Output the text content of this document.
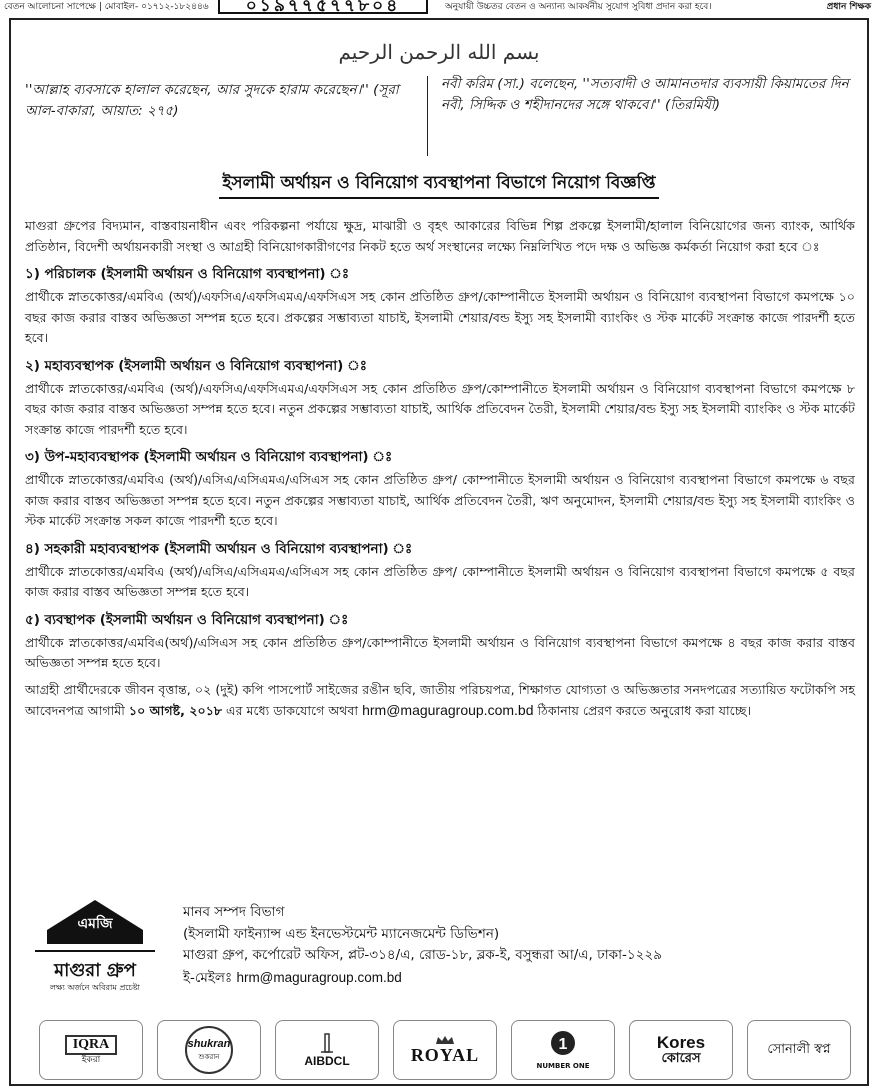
বেতন আলোচনা সাপেক্ষে | মোবাইল- ০১৭১২-১৮২৪৪৬	০১৯৭৭৫৭৭৮০৪	অনুযায়ী উচ্চতর বেতন ও অন্যান্য আকর্ষনীয় সুযোগ সুবিধা প্রদান করা হবে।	প্রধান শিক্ষক
بسم الله الرحمن الرحيم
''আল্লাহ ব্যবসাকে হালাল করেছেন, আর সুদকে হারাম করেছেন।'' (সূরা আল-বাকারা, আয়াত: ২৭৫)
নবী করিম (সা.) বলেছেন, ''সত্যবাদী ও আমানতদার ব্যবসায়ী কিয়ামতের দিন নবী, সিদ্দিক ও শহীদানদের সঙ্গে থাকবে।'' (তিরমিযী)
ইসলামী অর্থায়ন ও বিনিয়োগ ব্যবস্থাপনা বিভাগে নিয়োগ বিজ্ঞপ্তি

মাগুরা গ্রুপের বিদ্যমান, বাস্তবায়নাধীন এবং পরিকল্পনা পর্যায়ে ক্ষুদ্র, মাঝারী ও বৃহৎ আকারের বিভিন্ন শিল্প প্রকল্পে ইসলামী/হালাল বিনিয়োগের জন্য ব্যাংক, আর্থিক প্রতিষ্ঠান, বিদেশী অর্থায়নকারী সংস্থা ও আগ্রহী বিনিয়োগকারীগণের নিকট হতে অর্থ সংস্থানের লক্ষ্যে নিম্নলিখিত পদে দক্ষ ও অভিজ্ঞ কর্মকর্তা নিয়োগ করা হবে ঃ

১) পরিচালক (ইসলামী অর্থায়ন ও বিনিয়োগ ব্যবস্থাপনা) ঃ

প্রার্থীকে স্নাতকোত্তর/এমবিএ (অর্থ)/এফসিএ/এফসিএমএ/এফসিএস সহ কোন প্রতিষ্ঠিত গ্রুপ/কোম্পানীতে ইসলামী অর্থায়ন ও বিনিয়োগ ব্যবস্থাপনা বিভাগে কমপক্ষে ১০ বছর কাজ করার বাস্তব অভিজ্ঞতা সম্পন্ন হতে হবে। প্রকল্পের সম্ভাব্যতা যাচাই, ইসলামী শেয়ার/বন্ড ইস্যু সহ ইসলামী ব্যাংকিং ও স্টক মার্কেট সংক্রান্ত কাজে পারদর্শী হতে হবে।

২) মহাব্যবস্থাপক (ইসলামী অর্থায়ন ও বিনিয়োগ ব্যবস্থাপনা) ঃ

প্রার্থীকে স্নাতকোত্তর/এমবিএ (অর্থ)/এফসিএ/এফসিএমএ/এফসিএস সহ কোন প্রতিষ্ঠিত গ্রুপ/কোম্পানীতে ইসলামী অর্থায়ন ও বিনিয়োগ ব্যবস্থাপনা বিভাগে কমপক্ষে ৮ বছর কাজ করার বাস্তব অভিজ্ঞতা সম্পন্ন হতে হবে। নতুন প্রকল্পের সম্ভাব্যতা যাচাই, আর্থিক প্রতিবেদন তৈরী, ইসলামী শেয়ার/বন্ড ইস্যু সহ ইসলামী ব্যাংকিং ও স্টক মার্কেট সংক্রান্ত কাজে পারদর্শী হতে হবে।

৩) উপ-মহাব্যবস্থাপক (ইসলামী অর্থায়ন ও বিনিয়োগ ব্যবস্থাপনা) ঃ

প্রার্থীকে স্নাতকোত্তর/এমবিএ (অর্থ)/এসিএ/এসিএমএ/এসিএস সহ কোন প্রতিষ্ঠিত গ্রুপ/ কোম্পানীতে ইসলামী অর্থায়ন ও বিনিয়োগ ব্যবস্থাপনা বিভাগে কমপক্ষে ৬ বছর কাজ করার বাস্তব অভিজ্ঞতা সম্পন্ন হতে হবে। নতুন প্রকল্পের সম্ভাব্যতা যাচাই, আর্থিক প্রতিবেদন তৈরী, ঋণ অনুমোদন, ইসলামী শেয়ার/বন্ড ইস্যু সহ ইসলামী ব্যাংকিং ও স্টক মার্কেট সংক্রান্ত সকল কাজে পারদর্শী হতে হবে।

৪) সহকারী মহাব্যবস্থাপক (ইসলামী অর্থায়ন ও বিনিয়োগ ব্যবস্থাপনা) ঃ

প্রার্থীকে স্নাতকোত্তর/এমবিএ (অর্থ)/এসিএ/এসিএমএ/এসিএস সহ কোন প্রতিষ্ঠিত গ্রুপ/ কোম্পানীতে ইসলামী অর্থায়ন ও বিনিয়োগ ব্যবস্থাপনা বিভাগে কমপক্ষে ৫ বছর কাজ করার বাস্তব অভিজ্ঞতা সম্পন্ন হতে হবে।

৫) ব্যবস্থাপক (ইসলামী অর্থায়ন ও বিনিয়োগ ব্যবস্থাপনা) ঃ

প্রার্থীকে স্নাতকোত্তর/এমবিএ(অর্থ)/এসিএস সহ কোন প্রতিষ্ঠিত গ্রুপ/কোম্পানীতে ইসলামী অর্থায়ন ও বিনিয়োগ ব্যবস্থাপনা বিভাগে কমপক্ষে ৪ বছর কাজ করার বাস্তব অভিজ্ঞতা সম্পন্ন হতে হবে।

আগ্রহী প্রার্থীদেরকে জীবন বৃত্তান্ত, ০২ (দুই) কপি পাসপোর্ট সাইজের রঙীন ছবি, জাতীয় পরিচয়পত্র, শিক্ষাগত যোগ্যতা ও অভিজ্ঞতার সনদপত্রের সত্যায়িত ফটোকপি সহ আবেদনপত্র আগামী ১০ আগষ্ট, ২০১৮ এর মধ্যে ডাকযোগে অথবা hrm@maguragroup.com.bd ঠিকানায় প্রেরণ করতে অনুরোধ করা যাচ্ছে।

এমজি
মাগুরা গ্রুপ
লক্ষ্য অর্জনে অবিরাম প্রচেষ্টা
মানব সম্পদ বিভাগ
(ইসলামী ফাইন্যান্স এন্ড ইনভেস্টমেন্ট ম্যানেজমেন্ট ডিভিশন)
মাগুরা গ্রুপ, কর্পোরেট অফিস, প্লট-৩১৪/এ, রোড-১৮, ব্লক-ই, বসুন্ধরা আ/এ, ঢাকা-১২২৯
ই-মেইলঃ hrm@maguragroup.com.bd
IQRA
ইকরা
shukran
শুকরান	AIBDCL	ROYAL
1
NUMBER ONE
Kores
কোরেস
সোনালী স্বপ্ন
